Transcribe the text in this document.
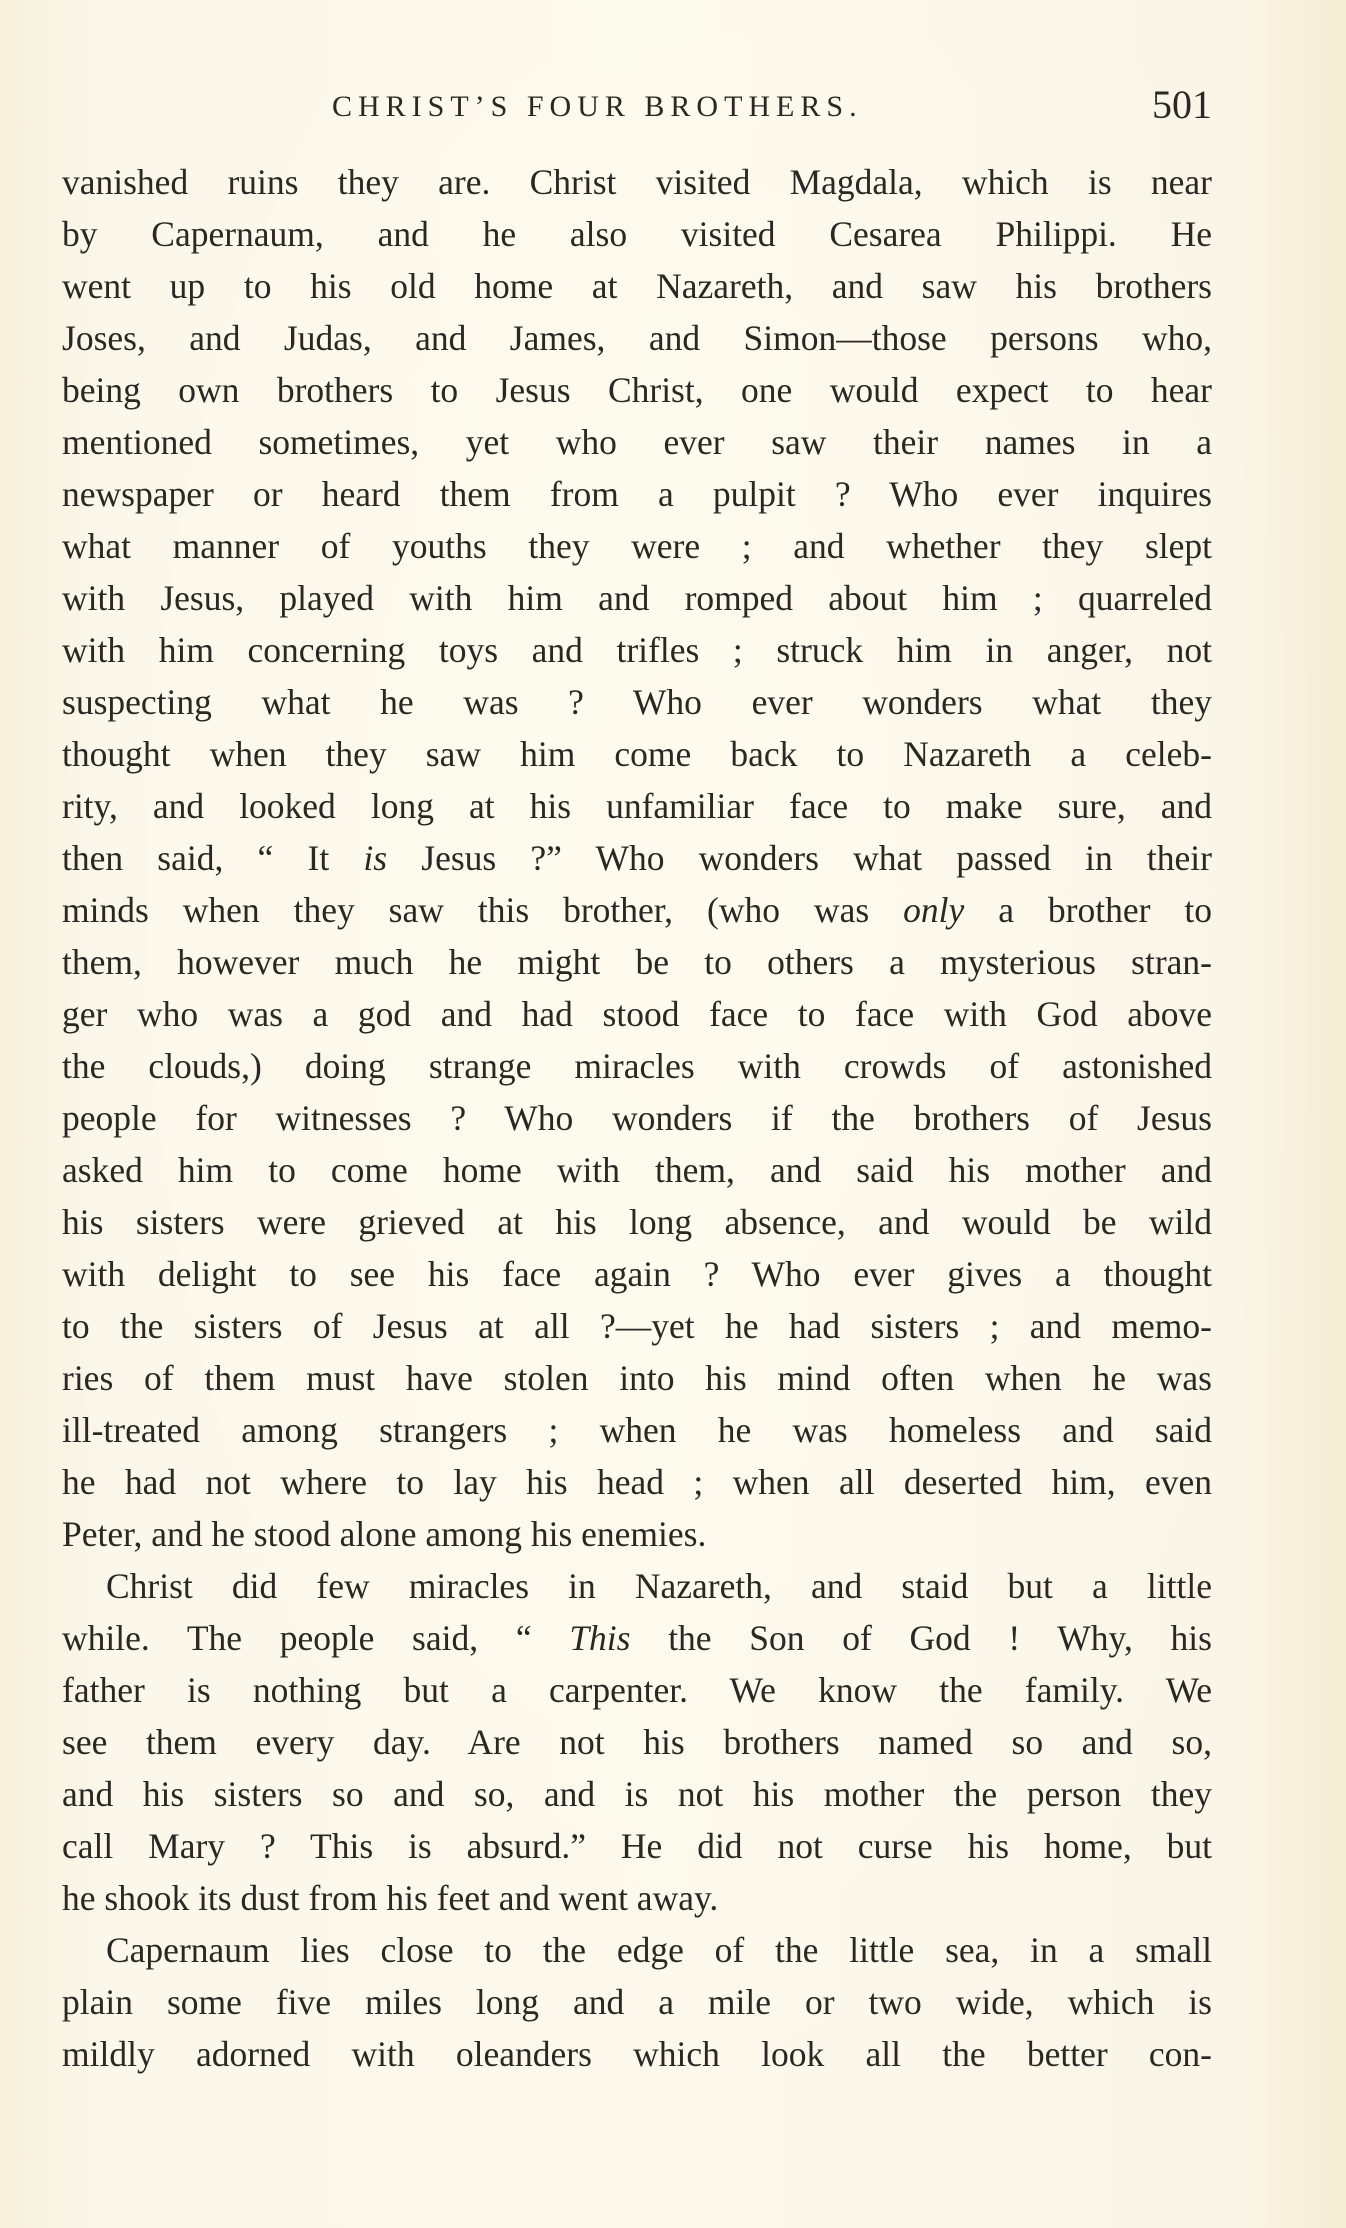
CHRIST’S FOUR BROTHERS.	501
vanished ruins they are. Christ visited Magdala, which is near
by Capernaum, and he also visited Cesarea Philippi. He
went up to his old home at Nazareth, and saw his brothers
Joses, and Judas, and James, and Simon—those persons who,
being own brothers to Jesus Christ, one would expect to hear
mentioned sometimes, yet who ever saw their names in a
newspaper or heard them from a pulpit ? Who ever inquires
what manner of youths they were ; and whether they slept
with Jesus, played with him and romped about him ; quarreled
with him concerning toys and trifles ; struck him in anger, not
suspecting what he was ? Who ever wonders what they
thought when they saw him come back to Nazareth a celeb-
rity, and looked long at his unfamiliar face to make sure, and
then said, “ It is Jesus ?” Who wonders what passed in their
minds when they saw this brother, (who was only a brother to
them, however much he might be to others a mysterious stran-
ger who was a god and had stood face to face with God above
the clouds,) doing strange miracles with crowds of astonished
people for witnesses ? Who wonders if the brothers of Jesus
asked him to come home with them, and said his mother and
his sisters were grieved at his long absence, and would be wild
with delight to see his face again ? Who ever gives a thought
to the sisters of Jesus at all ?—yet he had sisters ; and memo-
ries of them must have stolen into his mind often when he was
ill-treated among strangers ; when he was homeless and said
he had not where to lay his head ; when all deserted him, even
Peter, and he stood alone among his enemies.
Christ did few miracles in Nazareth, and staid but a little
while. The people said, “ This the Son of God ! Why, his
father is nothing but a carpenter. We know the family. We
see them every day. Are not his brothers named so and so,
and his sisters so and so, and is not his mother the person they
call Mary ? This is absurd.” He did not curse his home, but
he shook its dust from his feet and went away.
Capernaum lies close to the edge of the little sea, in a small
plain some five miles long and a mile or two wide, which is
mildly adorned with oleanders which look all the better con-
